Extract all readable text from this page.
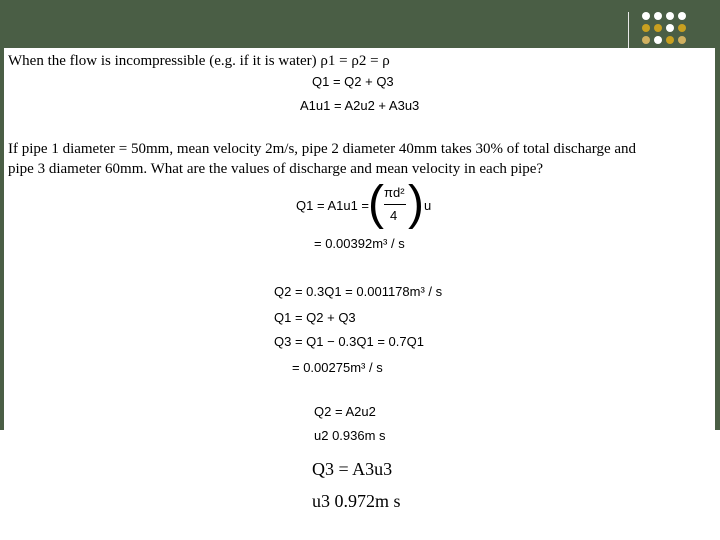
When the flow is incompressible (e.g. if it is water) ρ1 = ρ2 = ρ
Q1 = Q2 + Q3
A1u1 = A2u2 + A3u3
If pipe 1 diameter = 50mm, mean velocity 2m/s, pipe 2 diameter 40mm takes 30% of total discharge and
pipe 3 diameter 60mm. What are the values of discharge and mean velocity in each pipe?
Q1 = A1u1 =
( πd²
4 ) u
= 0.00392m³ / s
Q2 = 0.3Q1 = 0.001178m³ / s
Q1 = Q2 + Q3
Q3 = Q1 − 0.3Q1 = 0.7Q1
= 0.00275m³ / s
Q2 = A2u2
u2 0.936m s
Q3 = A3u3
u3 0.972m s
